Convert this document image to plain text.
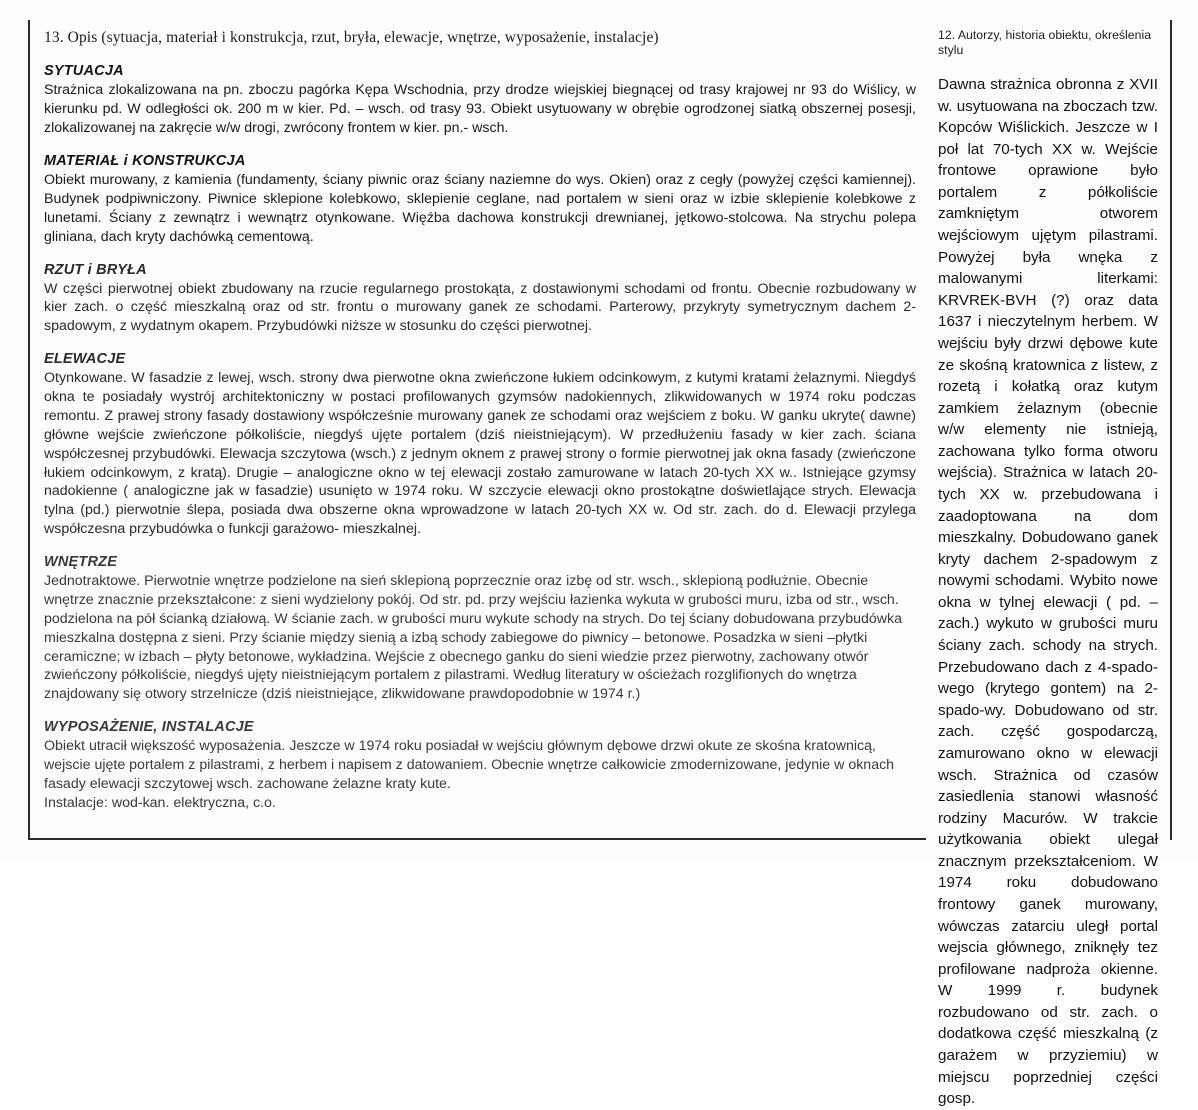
13. Opis (sytuacja, materiał i konstrukcja, rzut, bryła, elewacje, wnętrze, wyposażenie, instalacje)
SYTUACJA

Strażnica zlokalizowana na pn. zboczu pagórka Kępa Wschodnia, przy drodze wiejskiej biegnącej od trasy krajowej nr 93 do Wiślicy, w kierunku pd. W odległości ok. 200 m w kier. Pd. – wsch. od trasy 93. Obiekt usytuowany w obrębie ogrodzonej siatką obszernej posesji, zlokalizowanej na zakręcie w/w drogi, zwrócony frontem w kier. pn.- wsch.

MATERIAŁ i KONSTRUKCJA

Obiekt murowany, z kamienia (fundamenty, ściany piwnic oraz ściany naziemne do wys. Okien) oraz z cegły (powyżej części kamiennej). Budynek podpiwniczony. Piwnice sklepione kolebkowo, sklepienie ceglane, nad portalem w sieni oraz w izbie sklepienie kolebkowe z lunetami. Ściany z zewnątrz i wewnątrz otynkowane. Więźba dachowa konstrukcji drewnianej, jętkowo-stolcowa. Na strychu polepa gliniana, dach kryty dachówką cementową.

RZUT i BRYŁA

W części pierwotnej obiekt zbudowany na rzucie regularnego prostokąta, z dostawionymi schodami od frontu. Obecnie rozbudowany w kier zach. o część mieszkalną oraz od str. frontu o murowany ganek ze schodami. Parterowy, przykryty symetrycznym dachem 2-spadowym, z wydatnym okapem. Przybudówki niższe w stosunku do części pierwotnej.

ELEWACJE

Otynkowane. W fasadzie z lewej, wsch. strony dwa pierwotne okna zwieńczone łukiem odcinkowym, z kutymi kratami żelaznymi. Niegdyś okna te posiadały wystrój architektoniczny w postaci profilowanych gzymsów nadokiennych, zlikwidowanych w 1974 roku podczas remontu. Z prawej strony fasady dostawiony współcześnie murowany ganek ze schodami oraz wejściem z boku. W ganku ukryte( dawne) główne wejście zwieńczone półkoliście, niegdyś ujęte portalem (dziś nieistniejącym). W przedłużeniu fasady w kier zach. ściana współczesnej przybudówki. Elewacja szczytowa (wsch.) z jednym oknem z prawej strony o formie pierwotnej jak okna fasady (zwieńczone łukiem odcinkowym, z kratą). Drugie – analogiczne okno w tej elewacji zostało zamurowane w latach 20-tych XX w.. Istniejące gzymsy nadokienne ( analogiczne jak w fasadzie) usunięto w 1974 roku. W szczycie elewacji okno prostokątne doświetlające strych. Elewacja tylna (pd.) pierwotnie ślepa, posiada dwa obszerne okna wprowadzone w latach 20-tych XX w. Od str. zach. do d. Elewacji przylega współczesna przybudówka o funkcji garażowo- mieszkalnej.

WNĘTRZE

Jednotraktowe. Pierwotnie wnętrze podzielone na sień sklepioną poprzecznie oraz izbę od str. wsch., sklepioną podłużnie. Obecnie wnętrze znacznie przekształcone: z sieni wydzielony pokój. Od str. pd. przy wejściu łazienka wykuta w grubości muru, izba od str., wsch. podzielona na pół ścianką działową. W ścianie zach. w grubości muru wykute schody na strych. Do tej ściany dobudowana przybudówka mieszkalna dostępna z sieni. Przy ścianie między sienią a izbą schody zabiegowe do piwnicy – betonowe. Posadzka w sieni –płytki ceramiczne; w izbach – płyty betonowe, wykładzina. Wejście z obecnego ganku do sieni wiedzie przez pierwotny, zachowany otwór zwieńczony półkoliście, niegdyś ujęty nieistniejącym portalem z pilastrami. Według literatury w ościeżach rozglifionych do wnętrza znajdowany się otwory strzelnicze (dziś nieistniejące, zlikwidowane prawdopodobnie w 1974 r.)

WYPOSAŻENIE, INSTALACJE

Obiekt utracił większość wyposażenia. Jeszcze w 1974 roku posiadał w wejściu głównym dębowe drzwi okute ze skośna kratownicą, wejscie ujęte portalem z pilastrami, z herbem i napisem z datowaniem. Obecnie wnętrze całkowicie zmodernizowane, jedynie w oknach fasady elewacji szczytowej wsch. zachowane żelazne kraty kute.

Instalacje: wod-kan. elektryczna, c.o.

12. Autorzy, historia obiektu, określenia stylu

Dawna strażnica obronna z XVII w. usytuowana na zboczach tzw. Kopców Wiślickich. Jeszcze w I poł lat 70-tych XX w. Wejście frontowe oprawione było portalem z półkoliście zamkniętym otworem wejściowym ujętym pilastrami. Powyżej była wnęka z malowanymi literkami: KRVREK-BVH (?) oraz data 1637 i nieczytelnym herbem. W wejściu były drzwi dębowe kute ze skośną kratownica z listew, z rozetą i kołatką oraz kutym zamkiem żelaznym (obecnie w/w elementy nie istnieją, zachowana tylko forma otworu wejścia). Strażnica w latach 20-tych XX w. przebudowana i zaadoptowana na dom mieszkalny. Dobudowano ganek kryty dachem 2-spadowym z nowymi schodami. Wybito nowe okna w tylnej elewacji ( pd. – zach.) wykuto w grubości muru ściany zach. schody na strych. Przebudowano dach z 4-spado-wego (krytego gontem) na 2-spado-wy. Dobudowano od str. zach. część gospodarczą, zamurowano okno w elewacji wsch. Strażnica od czasów zasiedlenia stanowi własność rodziny Macurów. W trakcie użytkowania obiekt ulegał znacznym przekształceniom. W 1974 roku dobudowano frontowy ganek murowany, wówczas zatarciu uległ portal wejscia głównego, zniknęły tez profilowane nadproża okienne. W 1999 r. budynek rozbudowano od str. zach. o dodatkowa część mieszkalną (z garażem w przyziemiu) w miejscu poprzedniej części gosp.
